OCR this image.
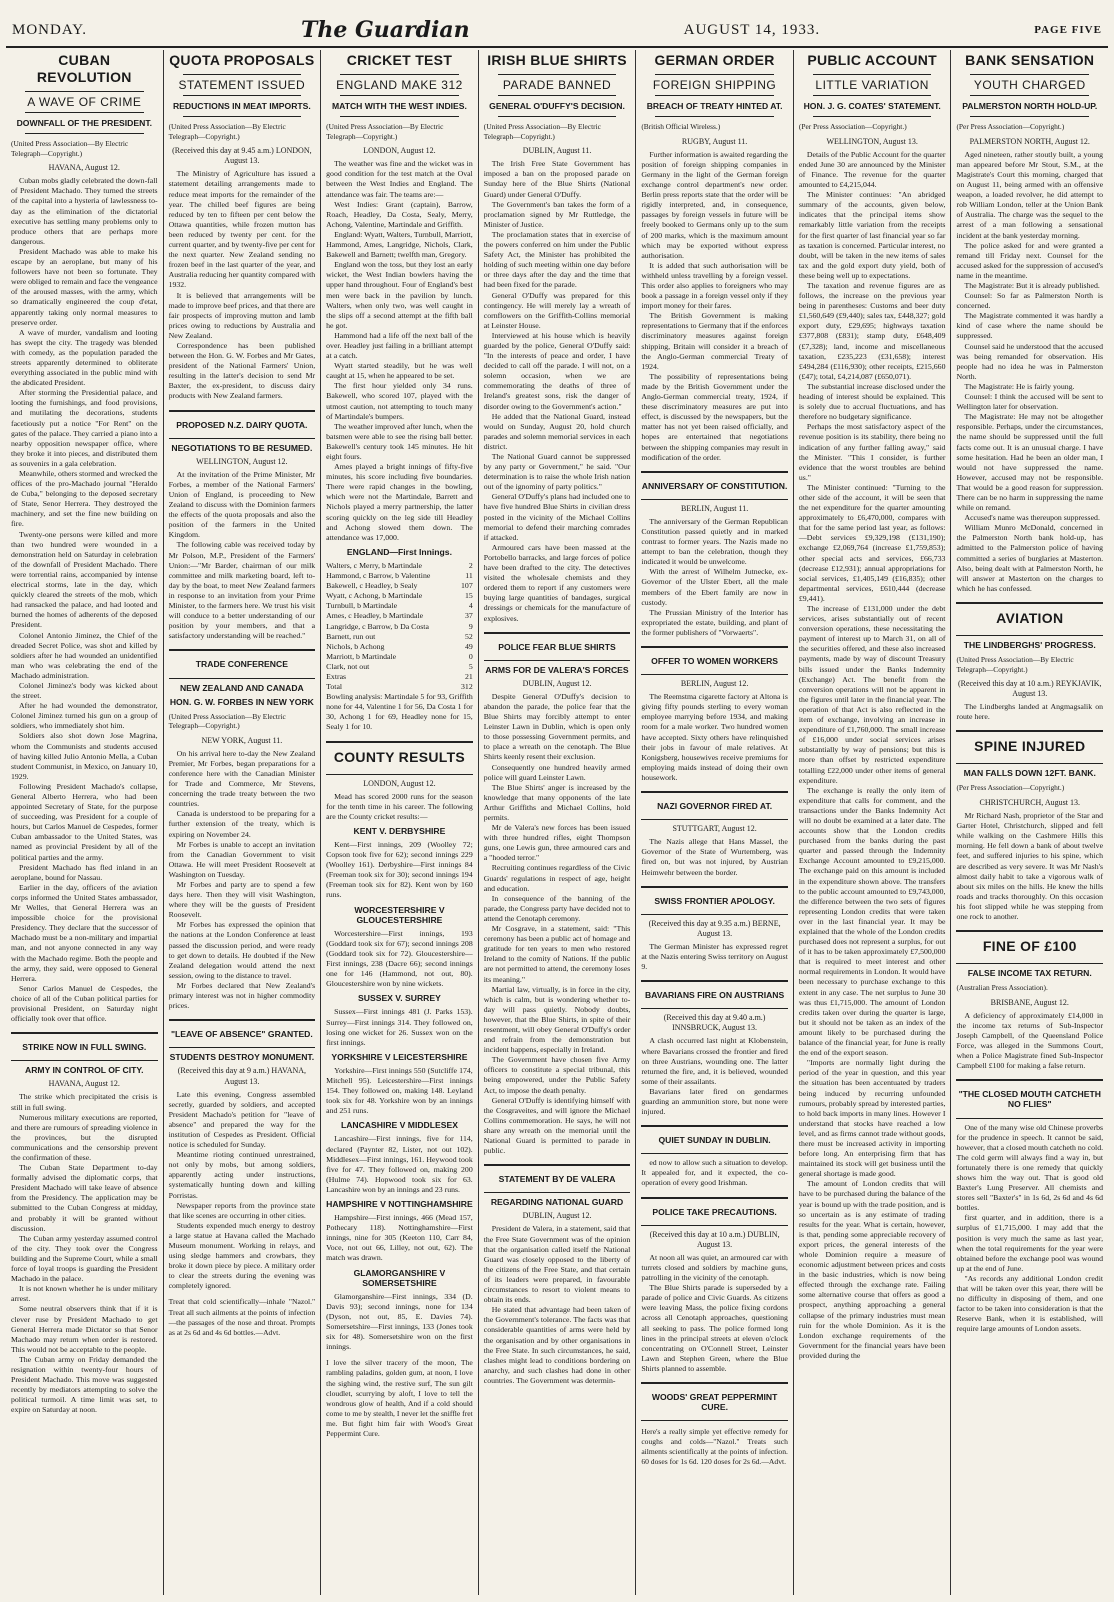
MONDAY.	The Guardian	AUGUST 14, 1933.	PAGE FIVE
CUBAN REVOLUTION
A WAVE OF CRIME
DOWNFALL OF THE PRESIDENT.
(United Press Association—By Electric Telegraph—Copyright.)
HAVANA, August 12.

Cuban mobs gladly celebrated the down-fall of President Machado. They turned the streets of the capital into a hysteria of lawlessness to-day as the elimination of the dictatorial executive has settling many problems only to produce others that are perhaps more dangerous.

President Machado was able to make his escape by an aeroplane, but many of his followers have not been so fortunate. They were obliged to remain and face the vengeance of the aroused masses, with the army, which so dramatically engineered the coup d'etat, apparently taking only normal measures to preserve order.

A wave of murder, vandalism and looting has swept the city. The tragedy was blended with comedy, as the population paraded the streets apparently determined to obliterate everything associated in the public mind with the abdicated President.

After storming the Presidential palace, and looting the furnishings, and food provisions, and mutilating the decorations, students facetiously put a notice "For Rent" on the gates of the palace. They carried a piano into a nearby opposition newspaper office, where they broke it into pieces, and distributed them as souvenirs in a gala celebration.

Meanwhile, others stormed and wrecked the offices of the pro-Machado journal "Heraldo de Cuba," belonging to the deposed secretary of State, Senor Herrera. They destroyed the machinery, and set the fine new building on fire.

Twenty-one persons were killed and more than two hundred were wounded in a demonstration held on Saturday in celebration of the downfall of President Machado. There were torrential rains, accompanied by intense electrical storms, late in the day, which quickly cleared the streets of the mob, which had ransacked the palace, and had looted and burned the homes of adherents of the deposed President.

Colonel Antonio Jiminez, the Chief of the dreaded Secret Police, was shot and killed by soldiers after he had wounded an unidentified man who was celebrating the end of the Machado administration.

Colonel Jiminez's body was kicked about the street.

After he had wounded the demonstrator, Colonel Jiminez turned his gun on a group of soldiers, who immediately shot him.

Soldiers also shot down Jose Magrina, whom the Communists and students accused of having killed Julio Antonio Mella, a Cuban student Communist, in Mexico, on January 10, 1929.

Following President Machado's collapse, General Alberto Herrera, who had been appointed Secretary of State, for the purpose of succeeding, was President for a couple of hours, but Carlos Manuel de Cespedes, former Cuban ambassador to the United States, was named as provincial President by all of the political parties and the army.

President Machado has fled inland in an aeroplane, bound for Nassau.

Earlier in the day, officers of the aviation corps informed the United States ambassador, Mr Welles, that General Herrera was an impossible choice for the provisional Presidency. They declare that the successor of Machado must be a non-military and impartial man, and not anyone connected in any way with the Machado regime. Both the people and the army, they said, were opposed to General Herrera.

Senor Carlos Manuel de Cespedes, the choice of all of the Cuban political parties for provisional President, on Saturday night officially took over that office.

STRIKE NOW IN FULL SWING.
ARMY IN CONTROL OF CITY.
HAVANA, August 12.

The strike which precipitated the crisis is still in full swing.

Numerous military executions are reported, and there are rumours of spreading violence in the provinces, but the disrupted communications and the censorship prevent the confirmation of these.

The Cuban State Department to-day formally advised the diplomatic corps, that President Machado will take leave of absence from the Presidency. The application may be submitted to the Cuban Congress at midday, and probably it will be granted without discussion.

The Cuban army yesterday assumed control of the city. They took over the Congress building and the Supreme Court, while a small force of loyal troops is guarding the President Machado in the palace.

It is not known whether he is under military arrest.

Some neutral observers think that if it is clever ruse by President Machado to get General Herrera made Dictator so that Senor Machado may return when order is restored. This would not be acceptable to the people.

The Cuban army on Friday demanded the resignation within twenty-four hours of President Machado. This move was suggested recently by mediators attempting to solve the political turmoil. A time limit was set, to expire on Saturday at noon.

QUOTA PROPOSALS
STATEMENT ISSUED
REDUCTIONS IN MEAT IMPORTS.
(United Press Association—By Electric Telegraph—Copyright.)
(Received this day at 9.45 a.m.) LONDON, August 13.

The Ministry of Agriculture has issued a statement detailing arrangements made to reduce meat imports for the remainder of the year. The chilled beef figures are being reduced by ten to fifteen per cent below the Ottawa quantities, while frozen mutton has been reduced by twenty per cent. for the current quarter, and by twenty-five per cent for the next quarter. New Zealand sending no frozen beef in the last quarter of the year, and Australia reducing her quantity compared with 1932.

It is believed that arrangements will be made to improve beef prices, and that there are fair prospects of improving mutton and lamb prices owing to reductions by Australia and New Zealand.

Correspondence has been published between the Hon. G. W. Forbes and Mr Gates, president of the National Farmers' Union, resulting in the latter's decision to send Mr Baxter, the ex-president, to discuss dairy products with New Zealand farmers.

PROPOSED N.Z. DAIRY QUOTA.
NEGOTIATIONS TO BE RESUMED.
WELLINGTON, August 12.

At the invitation of the Prime Minister, Mr Forbes, a member of the National Farmers' Union of England, is proceeding to New Zealand to discuss with the Dominion farmers the effects of the quota proposals and also the position of the farmers in the United Kingdom.

The following cable was received today by Mr Polson, M.P., President of the Farmers' Union:—"Mr Barder, chairman of our milk committee and milk marketing board, left to-day by the boat, to meet New Zealand farmers in response to an invitation from your Prime Minister, to the farmers here. We trust his visit will conduce to a better understanding of our position by your members, and that a satisfactory understanding will be reached."

TRADE CONFERENCE
NEW ZEALAND AND CANADA
HON. G. W. FORBES IN NEW YORK
(United Press Association—By Electric Telegraph—Copyright.)
NEW YORK, August 11.

On his arrival here to-day the New Zealand Premier, Mr Forbes, began preparations for a conference here with the Canadian Minister for Trade and Commerce, Mr Stevens, concerning the trade treaty between the two countries.

Canada is understood to be preparing for a further extension of the treaty, which is expiring on November 24.

Mr Forbes is unable to accept an invitation from the Canadian Government to visit Ottawa. He will meet President Roosevelt at Washington on Tuesday.

Mr Forbes and party are to spend a few days here. Then they will visit Washington, where they will be the guests of President Roosevelt.

Mr Forbes has expressed the opinion that the nations at the London Conference at least passed the discussion period, and were ready to get down to details. He doubted if the New Zealand delegation would attend the next session, owing to the distance to travel.

Mr Forbes declared that New Zealand's primary interest was not in higher commodity prices.

"LEAVE OF ABSENCE" GRANTED.
STUDENTS DESTROY MONUMENT.
(Received this day at 9 a.m.) HAVANA, August 13.

Late this evening, Congress assembled secretly, guarded by soldiers, and accepted President Machado's petition for "leave of absence" and prepared the way for the institution of Cespedes as President. Official notice is scheduled for Sunday.

Meantime rioting continued unrestrained, not only by mobs, but among soldiers, apparently acting under instructions, systematically hunting down and killing Porristas.

Newspaper reports from the province state that like scenes are occurring in other cities.

Students expended much energy to destroy a large statue at Havana called the Machado Museum monument. Working in relays, and using sledge hammers and crowbars, they broke it down piece by piece. A military order to clear the streets during the evening was completely ignored.

Treat that cold scientifically—inhale "Nazol." Treat all such ailments at the points of infection—the passages of the nose and throat. Prompts as at 2s 6d and 4s 6d bottles.—Advt.
CRICKET TEST
ENGLAND MAKE 312
MATCH WITH THE WEST INDIES.
(United Press Association—By Electric Telegraph—Copyright.)
LONDON, August 12.

The weather was fine and the wicket was in good condition for the test match at the Oval between the West Indies and England. The attendance was fair. The teams are:—

West Indies: Grant (captain), Barrow, Roach, Headley, Da Costa, Sealy, Merry, Achong, Valentine, Martindale and Griffith.

England: Wyatt, Walters, Turnbull, Marriott, Hammond, Ames, Langridge, Nichols, Clark, Bakewell and Barnett; twelfth man, Gregory.

England won the toss, but they lost an early wicket, the West Indian bowlers having the upper hand throughout. Four of England's best men were back in the pavilion by lunch. Walters, when only two, was well caught in the slips off a second attempt at the fifth ball he got.

Hammond had a life off the next ball of the over. Headley just failing in a brilliant attempt at a catch.

Wyatt started steadily, but he was well caught at 15, when he appeared to be set.

The first hour yielded only 34 runs. Bakewell, who scored 107, played with the utmost caution, not attempting to touch many of Martindale's bumpers.

The weather improved after lunch, when the batsmen were able to see the rising ball better. Bakewell's century took 145 minutes. He hit eight fours.

Ames played a bright innings of fifty-five minutes, his score including five boundaries. There were rapid changes in the bowling, which were not the Martindale, Barrett and Nichols played a merry partnership, the latter scoring quickly on the leg side till Headley and Achong slowed them down. The attendance was 17,000.

ENGLAND—First Innings.
Walters, c Merry, b Martindale	2
Hammond, c Barrow, b Valentine	11
Bakewell, c Headley, b Sealy	107
Wyatt, c Achong, b Martindale	15
Turnbull, b Martindale	4
Ames, c Headley, b Martindale	37
Langridge, c Barrow, b Da Costa	9
Barnett, run out	52
Nichols, b Achong	49
Marriott, b Martindale	0
Clark, not out	5
Extras	21
Total	312
Bowling analysis: Martindale 5 for 93, Griffith none for 44, Valentine 1 for 56, Da Costa 1 for 30, Achong 1 for 69, Headley none for 15, Sealy 1 for 10.
COUNTY RESULTS
LONDON, August 12.

Mead has scored 2000 runs for the season for the tenth time in his career. The following are the County cricket results:—

KENT V. DERBYSHIRE

Kent—First innings, 209 (Woolley 72; Copson took five for 62); second innings 229 (Woolley 161). Derbyshire—First innings 84 (Freeman took six for 30); second innings 194 (Freeman took six for 82). Kent won by 160 runs.

WORCESTERSHIRE V GLOUCESTERSHIRE

Worcestershire—First innings, 193 (Goddard took six for 67); second innings 208 (Goddard took six for 72). Gloucestershire—First innings, 238 (Dacre 66); second innings one for 146 (Hammond, not out, 80). Gloucestershire won by nine wickets.

SUSSEX V. SURREY

Sussex—First innings 481 (J. Parks 153). Surrey—First innings 314. They followed on, losing one wicket for 26. Sussex won on the first innings.

YORKSHIRE V LEICESTERSHIRE

Yorkshire—First innings 550 (Sutcliffe 174, Mitchell 95). Leicestershire—First innings 154. They followed on, making 148. Leyland took six for 48. Yorkshire won by an innings and 251 runs.

LANCASHIRE V MIDDLESEX

Lancashire—First innings, five for 114, declared (Paynter 82, Lister, not out 102). Middlesex—First innings, 161. Heywood took five for 47. They followed on, making 200 (Hulme 74). Hopwood took six for 63. Lancashire won by an innings and 23 runs.

HAMPSHIRE V NOTTINGHAMSHIRE

Hampshire—First innings, 466 (Mead 157, Pothecary 118). Nottinghamshire—First innings, nine for 305 (Keeton 110, Carr 84, Voce, not out 66, Lilley, not out, 62). The match was drawn.

GLAMORGANSHIRE V SOMERSETSHIRE

Glamorganshire—First innings, 334 (D. Davis 93); second innings, none for 134 (Dyson, not out, 85, E. Davies 74). Somersetshire—First innings, 133 (Jones took six for 48). Somersetshire won on the first innings.

I love the silver tracery of the moon, The rambling paladins, golden gum, at noon, I love the sighing wind, the restive surf, The sun gilt cloudlet, scurrying by aloft, I love to tell the wondrous glow of health, And if a cold should come to me by stealth, I never let the sniffle fret me. But fight him fair with Wood's Great Peppermint Cure.
IRISH BLUE SHIRTS
PARADE BANNED
GENERAL O'DUFFY'S DECISION.
(United Press Association—By Electric Telegraph—Copyright.)
DUBLIN, August 11.

The Irish Free State Government has imposed a ban on the proposed parade on Sunday here of the Blue Shirts (National Guard) under General O'Duffy.

The Government's ban takes the form of a proclamation signed by Mr Ruttledge, the Minister of Justice.

The proclamation states that in exercise of the powers conferred on him under the Public Safety Act, the Minister has prohibited the holding of such meeting within one day before or three days after the day and the time that had been fixed for the parade.

General O'Duffy was prepared for this contingency. He will merely lay a wreath of cornflowers on the Griffith-Collins memorial at Leinster House.

Interviewed at his house which is heavily guarded by the police, General O'Duffy said: "In the interests of peace and order, I have decided to call off the parade. I will not, on a solemn occasion, when we are commemorating the deaths of three of Ireland's greatest sons, risk the danger of disorder owing to the Government's action."

He added that the National Guard, instead would on Sunday, August 20, hold church parades and solemn memorial services in each district.

The National Guard cannot be suppressed by any party or Government," he said. "Our determination is to raise the whole Irish nation out of the ignominy of party politics."

General O'Duffy's plans had included one to have five hundred Blue Shirts in civilian dress posted in the vicinity of the Michael Collins memorial to defend their marching comrades if attacked.

Armoured cars have been massed at the Portobello barracks, and large forces of police have been drafted to the city. The detectives visited the wholesale chemists and they ordered them to report if any customers were buying large quantities of bandages, surgical dressings or chemicals for the manufacture of explosives.

POLICE FEAR BLUE SHIRTS
ARMS FOR DE VALERA'S FORCES
DUBLIN, August 12.

Despite General O'Duffy's decision to abandon the parade, the police fear that the Blue Shirts may forcibly attempt to enter Leinster Lawn in Dublin, which is open only to those possessing Government permits, and to place a wreath on the cenotaph. The Blue Shirts keenly resent their exclusion.

Consequently one hundred heavily armed police will guard Leinster Lawn.

The Blue Shirts' anger is increased by the knowledge that many opponents of the late Arthur Griffiths and Michael Collins, hold permits.

Mr de Valera's new forces has been issued with three hundred rifles, eight Thompson guns, one Lewis gun, three armoured cars and a "hooded terror."

Recruiting continues regardless of the Civic Guards' regulations in respect of age, height and education.

In consequence of the banning of the parade, the Congress party have decided not to attend the Cenotaph ceremony.

Mr Cosgrave, in a statement, said: "This ceremony has been a public act of homage and gratitude for ten years to men who restored Ireland to the comity of Nations. If the public are not permitted to attend, the ceremony loses its meaning."

Martial law, virtually, is in force in the city, which is calm, but is wondering whether to-day will pass quietly. Nobody doubts, however, that the Blue Shirts, in spite of their resentment, will obey General O'Duffy's order and refrain from the demonstration but incident happens, especially in Ireland.

The Government have chosen five Army officers to constitute a special tribunal, this being empowered, under the Public Safety Act, to impose the death penalty.

General O'Duffy is identifying himself with the Cosgraveites, and will ignore the Michael Collins commemoration. He says, he will not share any wreath on the memorial until the National Guard is permitted to parade in public.

STATEMENT BY DE VALERA
REGARDING NATIONAL GUARD
DUBLIN, August 12.

President de Valera, in a statement, said that the Free State Government was of the opinion that the organisation called itself the National Guard was closely opposed to the liberty of the citizens of the Free State, and that certain of its leaders were prepared, in favourable circumstances to resort to violent means to obtain its ends.

He stated that advantage had been taken of the Government's tolerance. The facts was that considerable quantities of arms were held by the organisation and by other organisations in the Free State. In such circumstances, he said, clashes might lead to conditions bordering on anarchy, and such clashes had done in other countries. The Government was determin-

GERMAN ORDER
FOREIGN SHIPPING
BREACH OF TREATY HINTED AT.
(British Official Wireless.)
RUGBY, August 11.

Further information is awaited regarding the position of foreign shipping companies in Germany in the light of the German foreign exchange control department's new order. Berlin press reports state that the order will be rigidly interpreted, and, in consequence, passages by foreign vessels in future will be freely booked to Germans only up to the sum of 200 marks, which is the maximum amount which may be exported without express authorisation.

It is added that such authorisation will be withheld unless travelling by a foreign vessel. This order also applies to foreigners who may book a passage in a foreign vessel only if they import money for their fares.

The British Government is making representations to Germany that if the enforces discriminatory measures against foreign shipping, Britain will consider it a breach of the Anglo-German commercial Treaty of 1924.

The possibility of representations being made by the British Government under the Anglo-German commercial treaty, 1924, if these discriminatory measures are put into effect, is discussed by the newspapers, but the matter has not yet been raised officially, and hopes are entertained that negotiations between the shipping companies may result in modification of the order.

ANNIVERSARY OF CONSTITUTION.
BERLIN, August 11.

The anniversary of the German Republican Constitution passed quietly and in marked contrast to former years. The Nazis made no attempt to ban the celebration, though they indicated it would be unwelcome.

With the arrest of Wilhelm Jutnecke, ex-Governor of the Ulster Ebert, all the male members of the Ebert family are now in custody.

The Prussian Ministry of the Interior has expropriated the estate, building, and plant of the former publishers of "Vorwaerts".

OFFER TO WOMEN WORKERS
BERLIN, August 12.

The Reemstma cigarette factory at Altona is giving fifty pounds sterling to every woman employee marrying before 1934, and making room for a male worker. Two hundred women have accepted. Sixty others have relinquished their jobs in favour of male relatives. At Konigsberg, housewives receive premiums for employing maids instead of doing their own housework.

NAZI GOVERNOR FIRED AT.
STUTTGART, August 12.

The Nazis allege that Hans Massel, the Governor of the State of Wurtemberg, was fired on, but was not injured, by Austrian Heimwehr between the border.

SWISS FRONTIER APOLOGY.
(Received this day at 9.35 a.m.) BERNE, August 13.

The German Minister has expressed regret at the Nazis entering Swiss territory on August 9.

BAVARIANS FIRE ON AUSTRIANS
(Received this day at 9.40 a.m.) INNSBRUCK, August 13.

A clash occurred last night at Klobenstein, where Bavarians crossed the frontier and fired on three Austrians, wounding one. The latter returned the fire, and, it is believed, wounded some of their assailants.

Bavarians later fired on gendarmes guarding an ammunition store, but none were injured.

QUIET SUNDAY IN DUBLIN.

ed now to allow such a situation to develop. It appealed for, and it expected, the co-operation of every good Irishman.

POLICE TAKE PRECAUTIONS.
(Received this day at 10 a.m.) DUBLIN, August 13.

At noon all was quiet, an armoured car with turrets closed and soldiers by machine guns, patrolling in the vicinity of the cenotaph.

The Blue Shirts parade is superseded by a parade of police and Civic Guards. As citizens were leaving Mass, the police fixing cordons across all Cenotaph approaches, questioning all seeking to pass. The police formed long lines in the principal streets at eleven o'clock concentrating on O'Connell Street, Leinster Lawn and Stephen Green, where the Blue Shirts planned to assemble.

WOODS' GREAT PEPPERMINT CURE.
Here's a really simple yet effective remedy for coughs and colds—"Nazol." Treats such ailments scientifically at the points of infection. 60 doses for 1s 6d. 120 doses for 2s 6d.—Advt.
PUBLIC ACCOUNT
LITTLE VARIATION
HON. J. G. COATES' STATEMENT.
(Per Press Association—Copyright.)
WELLINGTON, August 13.

Details of the Public Account for the quarter ended June 30 are announced by the Minister of Finance. The revenue for the quarter amounted to £4,215,044.

The Minister continues: "An abridged summary of the accounts, given below, indicates that the principal items show remarkably little variation from the receipts for the first quarter of last financial year so far as taxation is concerned. Particular interest, no doubt, will be taken in the new items of sales tax and the gold export duty yield, both of these being well up to expectations.

The taxation and revenue figures are as follows, the increase on the previous year being in parentheses: Customs and beer duty £1,560,649 (£9,440); sales tax, £448,327; gold export duty, £29,695; highways taxation £377,808 (£831); stamp duty, £648,409 (£7,328); land, income and miscellaneous taxation, £235,223 (£31,658); interest £494,284 (£116,930); other receipts, £215,660 (£47); total, £4,214,087 (£650,071).

The substantial increase disclosed under the heading of interest should be explained. This is solely due to accrual fluctuations, and has therefore no budgetary significance.

Perhaps the most satisfactory aspect of the revenue position is its stability, there being no indication of any further falling away," said the Minister. "This I consider, is further evidence that the worst troubles are behind us."

The Minister continued: "Turning to the other side of the account, it will be seen that the net expenditure for the quarter amounting approximately to £6,470,000, compares with that for the same period last year, as follows:—Debt services £9,329,198 (£131,190); exchange £2,069,764 (increase £1,759,853); other special acts and services, £66,733 (decrease £12,931); annual appropriations for social services, £1,405,149 (£16,835); other departmental services, £610,444 (decrease £9,441).

The increase of £131,000 under the debt services, arises substantially out of recent conversion operations, these necessitating the payment of interest up to March 31, on all of the securities offered, and these also increased payments, made by way of discount Treasury bills issued under the Banks Indemnity (Exchange) Act. The benefit from the conversion operations will not be apparent in the figures until later in the financial year. The operation of that Act is also reflected in the item of exchange, involving an increase in expenditure of £1,760,000. The small increase of £16,000 under social services arises substantially by way of pensions; but this is more than offset by restricted expenditure totalling £22,000 under other items of general expenditure.

The exchange is really the only item of expenditure that calls for comment, and the transactions under the Banks Indemnity Act will no doubt be examined at a later date. The accounts show that the London credits purchased from the banks during the past quarter and passed through the Indemnity Exchange Account amounted to £9,215,000. The exchange paid on this amount is included in the expenditure shown above. The transfers to the public account amounted to £9,743,000, the difference between the two sets of figures representing London credits that were taken over in the last financial year. It may be explained that the whole of the London credits purchased does not represent a surplus, for out of it has to be taken approximately £7,500,000 that is required to meet interest and other normal requirements in London. It would have been necessary to purchase exchange to this extent in any case. The net surplus to June 30 was thus £1,715,000. The amount of London credits taken over during the quarter is large, but it should not be taken as an index of the amount likely to be purchased during the balance of the financial year, for June is really the end of the export season.

"Imports are normally light during the period of the year in question, and this year the situation has been accentuated by traders being induced by recurring unfounded rumours, probably spread by interested parties, to hold back imports in many lines. However I understand that stocks have reached a low level, and as firms cannot trade without goods, there must be increased activity in importing before long. An enterprising firm that has maintained its stock will get business until the general shortage is made good.

The amount of London credits that will have to be purchased during the balance of the year is bound up with the trade position, and is so uncertain as is any estimate of trading results for the year. What is certain, however, is that, pending some appreciable recovery of export prices, the general interests of the whole Dominion require a measure of economic adjustment between prices and costs in the basic industries, which is now being effected through the exchange rate. Failing some alternative course that offers as good a prospect, anything approaching a general collapse of the primary industries must mean ruin for the whole Dominion. As it is the London exchange requirements of the Government for the financial years have been provided during the

BANK SENSATION
YOUTH CHARGED
PALMERSTON NORTH HOLD-UP.
(Per Press Association—Copyright.)
PALMERSTON NORTH, August 12.

Aged nineteen, rather stoutly built, a young man appeared before Mr Stout, S.M., at the Magistrate's Court this morning, charged that on August 11, being armed with an offensive weapon, a loaded revolver, he did attempt to rob William London, teller at the Union Bank of Australia. The charge was the sequel to the arrest of a man following a sensational incident at the bank yesterday morning.

The police asked for and were granted a remand till Friday next. Counsel for the accused asked for the suppression of accused's name in the meantime.

The Magistrate: But it is already published.

Counsel: So far as Palmerston North is concerned.

The Magistrate commented it was hardly a kind of case where the name should be suppressed.

Counsel said he understood that the accused was being remanded for observation. His people had no idea he was in Palmerston North.

The Magistrate: He is fairly young.

Counsel: I think the accused will be sent to Wellington later for observation.

The Magistrate: He may not be altogether responsible. Perhaps, under the circumstances, the name should be suppressed until the full facts come out. It is an unusual charge. I have some hesitation. Had he been an older man, I would not have suppressed the name. However, accused may not be responsible. That would be a good reason for suppression. There can be no harm in suppressing the name while on remand.

Accused's name was thereupon suppressed.

William Munro McDonald, concerned in the Palmerston North bank hold-up, has admitted to the Palmerston police of having committed a series of burglaries at Masterton. Also, being dealt with at Palmerston North, he will answer at Masterton on the charges to which he has confessed.

AVIATION
THE LINDBERGHS' PROGRESS.
(United Press Association—By Electric Telegraph—Copyright.)
(Received this day at 10 a.m.) REYKJAVIK, August 13.

The Lindberghs landed at Angmagsalik on route here.

SPINE INJURED
MAN FALLS DOWN 12FT. BANK.
(Per Press Association—Copyright.)
CHRISTCHURCH, August 13.

Mr Richard Nash, proprietor of the Star and Garter Hotel, Christchurch, slipped and fell while walking on the Cashmere Hills this morning. He fell down a bank of about twelve feet, and suffered injuries to his spine, which are described as very severe. It was Mr Nash's almost daily habit to take a vigorous walk of about six miles on the hills. He knew the hills roads and tracks thoroughly. On this occasion his foot slipped while he was stepping from one rock to another.

FINE OF £100
FALSE INCOME TAX RETURN.
(Australian Press Association).
BRISBANE, August 12.

A deficiency of approximately £14,000 in the income tax returns of Sub-Inspector Joseph Campbell, of the Queensland Police Force, was alleged in the Summons Court, when a Police Magistrate fined Sub-Inspector Campbell £100 for making a false return.

"THE CLOSED MOUTH CATCHETH NO FLIES"

One of the many wise old Chinese proverbs for the prudence in speech. It cannot be said, however, that a closed mouth catcheth no cold. The cold germ will always find a way in, but fortunately there is one remedy that quickly shows him the way out. That is good old Baxter's Lung Preserver. All chemists and stores sell "Baxter's" in 1s 6d, 2s 6d and 4s 6d bottles.

first quarter, and in addition, there is a surplus of £1,715,000. I may add that the position is very much the same as last year, when the total requirements for the year were obtained before the exchange pool was wound up at the end of June.

"As records any additional London credit that will be taken over this year, there will be no difficulty in disposing of them, and one factor to be taken into consideration is that the Reserve Bank, when it is established, will require large amounts of London assets.
